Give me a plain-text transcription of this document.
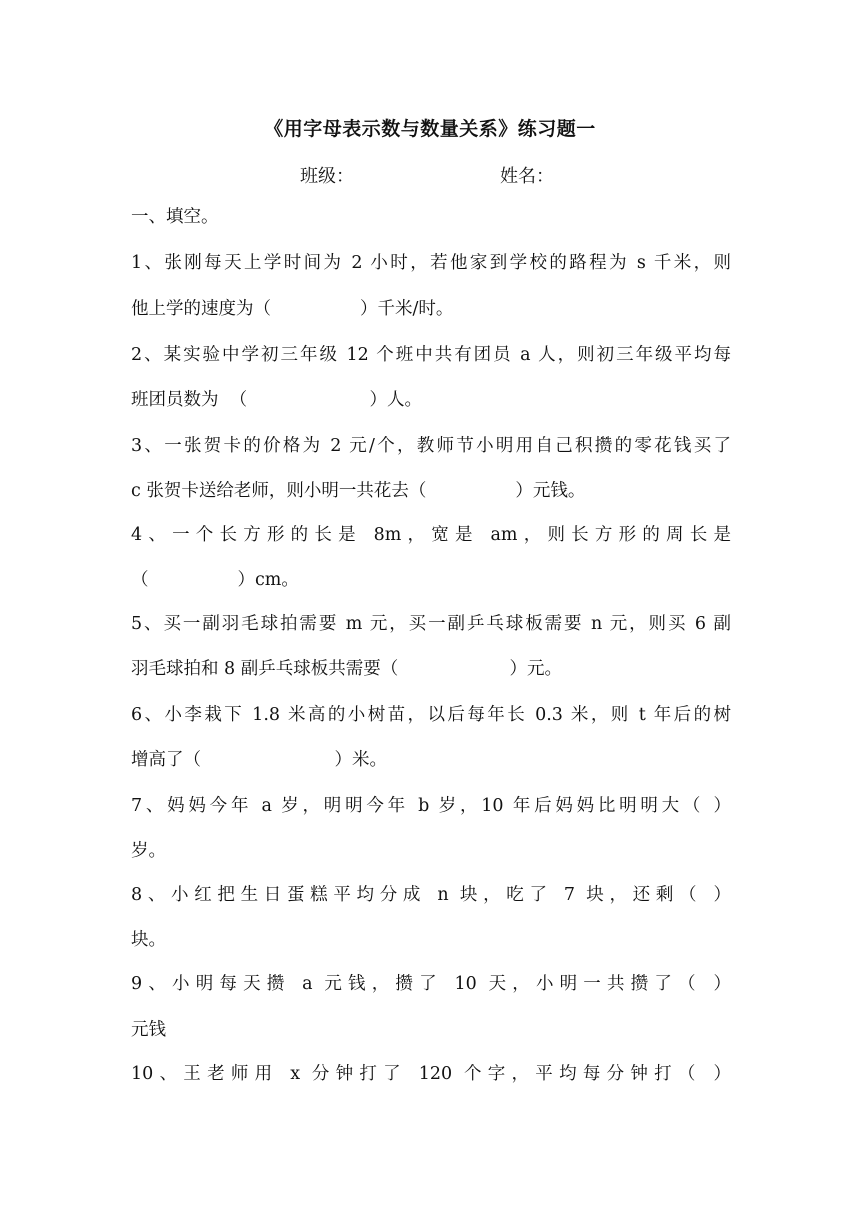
《用字母表示数与数量关系》练习题一
班级：	姓名：
一、填空。
1、张刚每天上学时间为 2 小时，若他家到学校的路程为 s 千米，则
他上学的速度为（                ）千米/时。
2、某实验中学初三年级 12 个班中共有团员 a 人，则初三年级平均每
班团员数为  （                      ）人。
3、一张贺卡的价格为 2 元/个，教师节小明用自己积攒的零花钱买了
c 张贺卡送给老师，则小明一共花去（                ）元钱。
4、一个长方形的长是 8m，宽是 am，则长方形的周长是
（                ）cm。
5、买一副羽毛球拍需要 m 元，买一副乒乓球板需要 n 元，则买 6 副
羽毛球拍和 8 副乒乓球板共需要（                    ）元。
6、小李栽下 1.8 米高的小树苗，以后每年长 0.3 米，则 t 年后的树
增高了（                        ）米。
7、妈妈今年 a 岁，明明今年 b 岁，10 年后妈妈比明明大（ ）
岁。
8、小红把生日蛋糕平均分成 n 块，吃了 7 块，还剩（ ）
块。
9、小明每天攒 a 元钱，攒了 10 天，小明一共攒了（ ）
元钱
10、王老师用 x 分钟打了 120 个字，平均每分钟打（ ）
